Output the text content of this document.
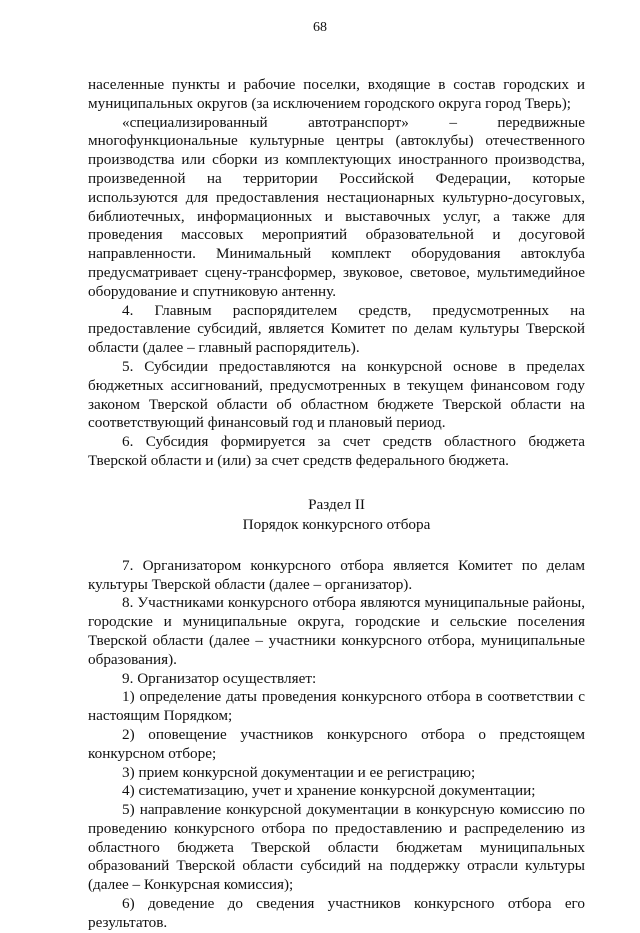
68

населенные пункты и рабочие поселки, входящие в состав городских и муниципальных округов (за исключением городского округа город Тверь);

«специализированный автотранспорт» – передвижные многофункциональные культурные центры (автоклубы) отечественного производства или сборки из комплектующих иностранного производства, произведенной на территории Российской Федерации, которые используются для предоставления нестационарных культурно-досуговых, библиотечных, информационных и выставочных услуг, а также для проведения массовых мероприятий образовательной и досуговой направленности. Минимальный комплект оборудования автоклуба предусматривает сцену-трансформер, звуковое, световое, мультимедийное оборудование и спутниковую антенну.

4. Главным распорядителем средств, предусмотренных на предоставление субсидий, является Комитет по делам культуры Тверской области (далее – главный распорядитель).

5. Субсидии предоставляются на конкурсной основе в пределах бюджетных ассигнований, предусмотренных в текущем финансовом году законом Тверской области об областном бюджете Тверской области на соответствующий финансовый год и плановый период.

6. Субсидия формируется за счет средств областного бюджета Тверской области и (или) за счет средств федерального бюджета.

Раздел II

Порядок конкурсного отбора

7. Организатором конкурсного отбора является Комитет по делам культуры Тверской области (далее – организатор).

8. Участниками конкурсного отбора являются муниципальные районы, городские и муниципальные округа, городские и сельские поселения Тверской области (далее – участники конкурсного отбора, муниципальные образования).

9. Организатор осуществляет:

1) определение даты проведения конкурсного отбора в соответствии с настоящим Порядком;

2) оповещение участников конкурсного отбора о предстоящем конкурсном отборе;

3) прием конкурсной документации и ее регистрацию;

4) систематизацию, учет и хранение конкурсной документации;

5) направление конкурсной документации в конкурсную комиссию по проведению конкурсного отбора по предоставлению и распределению из областного бюджета Тверской области бюджетам муниципальных образований Тверской области субсидий на поддержку отрасли культуры (далее – Конкурсная комиссия);

6) доведение до сведения участников конкурсного отбора его результатов.
